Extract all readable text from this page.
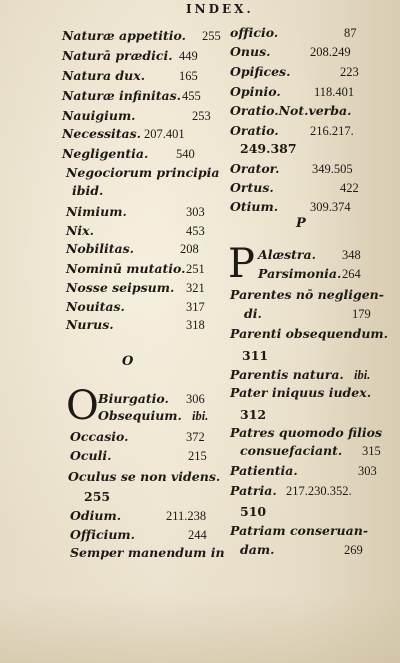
INDEX.
Naturæ appetitio. 255
Naturā prædici. 449
Natura dux.	165
Naturæ infinitas. 455
Nauigium.	253
Necessitas. 207.401
Negligentia. 540
Negociorum principia
ibid.
Nimium.	303
Nix.	453
Nobilitas.	208
Nominū mutatio. 251
Nosse seipsum. 321
Nouitas.	317
Nurus.	318
O
O Biurgatio. 306
Obsequium. ibi.
Occasio.	372
Oculi.	215
Oculus se non videns.
255
Odium.	211.238
Officium.	244
Semper manendum in
officio.	87
Onus.	208.249
Opifices.	223
Opinio.	118.401
Oratio.Not.verba.
Oratio.	216.217.
249.387
Orator.	349.505
Ortus.	422
Otium.	309.374
P
P Alæstra. 348
Parsimonia. 264
Parentes nō negligen-
di.	179
Parenti obsequendum.
311
Parentis natura. ibi.
Pater iniquus iudex.
312
Patres quomodo filios
consuefaciant. 315
Patientia.	303
Patria. 217.230.352.
510
Patriam conseruan-
dam.	269
